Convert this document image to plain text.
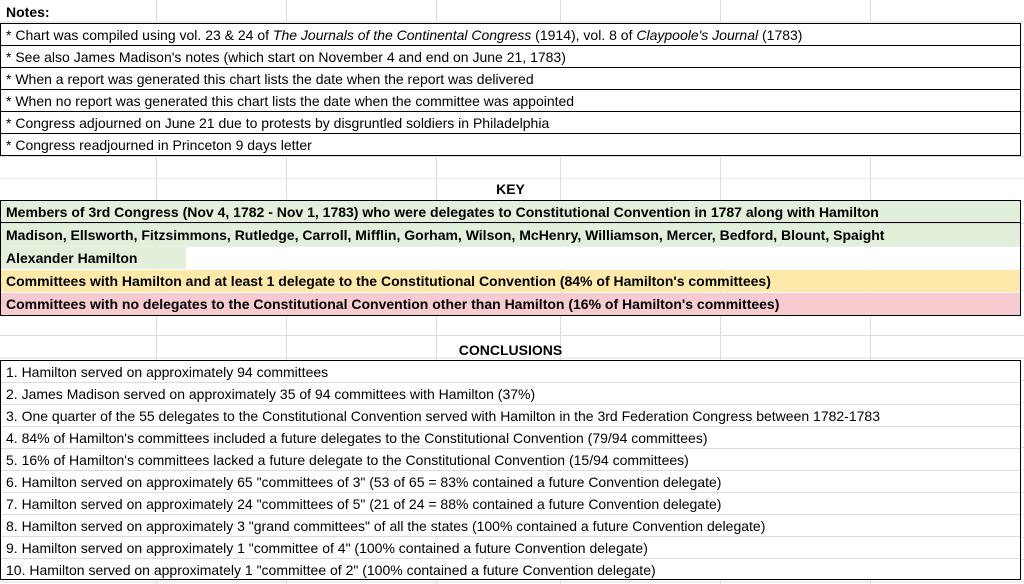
Notes:
* Chart was compiled using vol. 23 & 24 of The Journals of the Continental Congress (1914), vol. 8 of Claypoole's Journal (1783)
* See also James Madison's notes (which start on November 4 and end on June 21, 1783)
* When a report was generated this chart lists the date when the report was delivered
* When no report was generated this chart lists the date when the committee was appointed
* Congress adjourned on June 21 due to protests by disgruntled soldiers in Philadelphia
* Congress readjourned in Princeton 9 days letter
KEY
Members of 3rd Congress (Nov 4, 1782 - Nov 1, 1783) who were delegates to Constitutional Convention in 1787 along with Hamilton
Madison, Ellsworth, Fitzsimmons, Rutledge, Carroll, Mifflin, Gorham, Wilson, McHenry, Williamson, Mercer, Bedford, Blount, Spaight
Alexander Hamilton
Committees with Hamilton and at least 1 delegate to the Constitutional Convention (84% of Hamilton's committees)
Committees with no delegates to the Constitutional Convention other than Hamilton (16% of Hamilton's committees)
CONCLUSIONS
1. Hamilton served on approximately 94 committees
2. James Madison served on approximately 35 of 94 committees with Hamilton (37%)
3. One quarter of the 55 delegates to the Constitutional Convention served with Hamilton in the 3rd Federation Congress between 1782-1783
4. 84% of Hamilton's committees included a future delegates to the Constitutional Convention (79/94 committees)
5. 16% of Hamilton's committees lacked a future delegate to the Constitutional Convention (15/94 committees)
6. Hamilton served on approximately 65 "committees of 3" (53 of 65 = 83% contained a future Convention delegate)
7. Hamilton served on approximately 24 "committees of 5" (21 of 24 = 88% contained a future Convention delegate)
8. Hamilton served on approximately 3 "grand committees" of all the states (100% contained a future Convention delegate)
9. Hamilton served on approximately 1 "committee of 4" (100% contained a future Convention delegate)
10. Hamilton served on approximately 1 "committee of 2" (100% contained a future Convention delegate)
